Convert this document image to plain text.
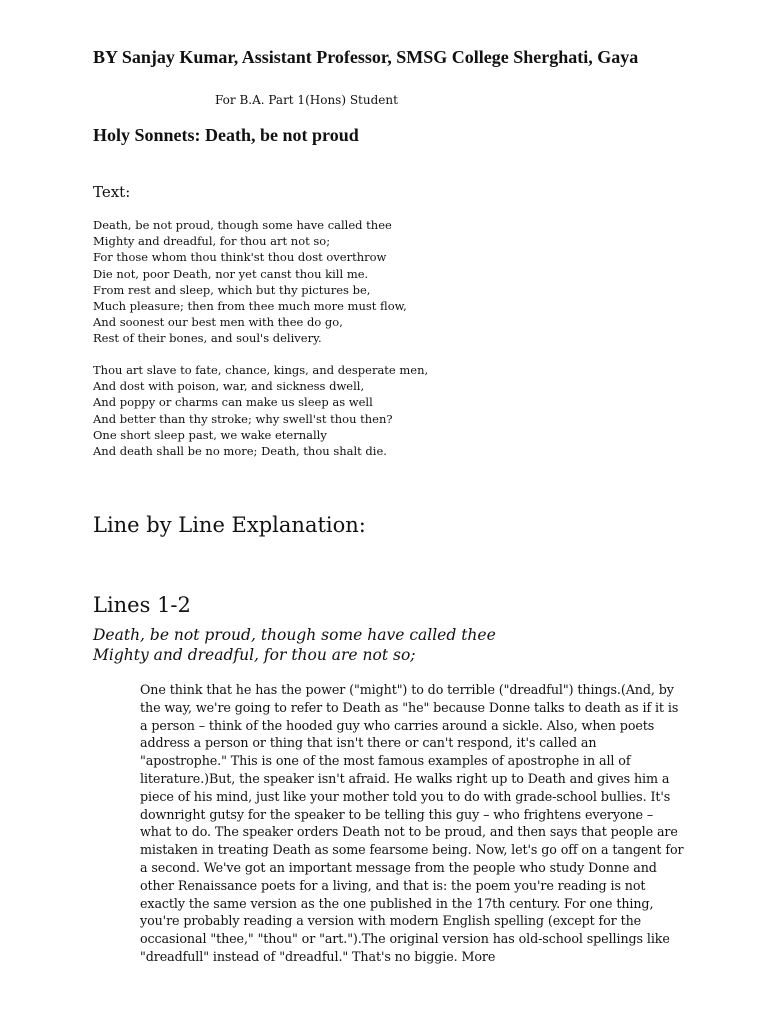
BY Sanjay Kumar, Assistant Professor, SMSG College Sherghati, Gaya

For B.A. Part 1(Hons) Student

Holy Sonnets: Death, be not proud

Text:

Death, be not proud, though some have called thee
Mighty and dreadful, for thou art not so;
For those whom thou think'st thou dost overthrow
Die not, poor Death, nor yet canst thou kill me.
From rest and sleep, which but thy pictures be,
Much pleasure; then from thee much more must flow,
And soonest our best men with thee do go,
Rest of their bones, and soul's delivery.
Thou art slave to fate, chance, kings, and desperate men,
And dost with poison, war, and sickness dwell,
And poppy or charms can make us sleep as well
And better than thy stroke; why swell'st thou then?
One short sleep past, we wake eternally
And death shall be no more; Death, thou shalt die.
Line by Line Explanation:
Lines 1-2
Death, be not proud, though some have called thee
Mighty and dreadful, for thou are not so;

One think that he has the power ("might") to do terrible ("dreadful") things.(And, by the way, we're going to refer to Death as "he" because Donne talks to death as if it is a person – think of the hooded guy who carries around a sickle. Also, when poets address a person or thing that isn't there or can't respond, it's called an "apostrophe." This is one of the most famous examples of apostrophe in all of literature.)But, the speaker isn't afraid. He walks right up to Death and gives him a piece of his mind, just like your mother told you to do with grade-school bullies. It's downright gutsy for the speaker to be telling this guy – who frightens everyone – what to do. The speaker orders Death not to be proud, and then says that people are mistaken in treating Death as some fearsome being. Now, let's go off on a tangent for a second. We've got an important message from the people who study Donne and other Renaissance poets for a living, and that is: the poem you're reading is not exactly the same version as the one published in the 17th century. For one thing, you're probably reading a version with modern English spelling (except for the occasional "thee," "thou" or "art.").The original version has old-school spellings like "dreadfull" instead of "dreadful." That's no biggie. More
